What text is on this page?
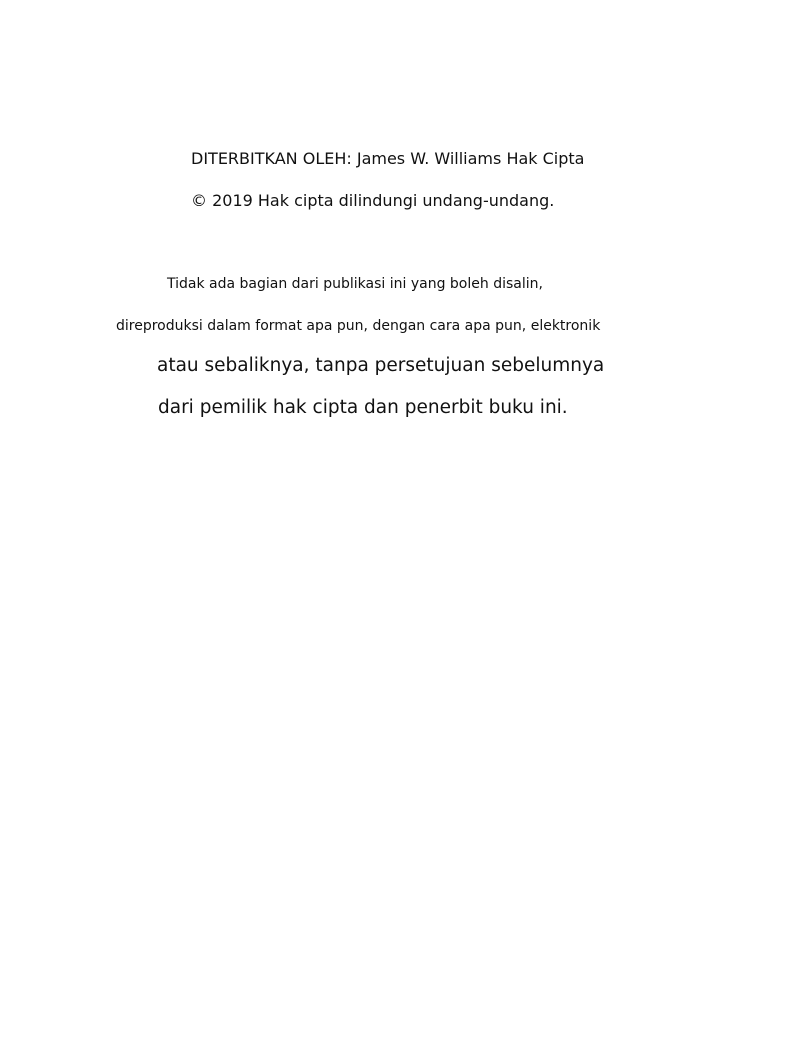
DITERBITKAN OLEH: James W. Williams Hak Cipta

© 2019 Hak cipta dilindungi undang-undang.

Tidak ada bagian dari publikasi ini yang boleh disalin,

direproduksi dalam format apa pun, dengan cara apa pun, elektronik

atau sebaliknya, tanpa persetujuan sebelumnya

dari pemilik hak cipta dan penerbit buku ini.
